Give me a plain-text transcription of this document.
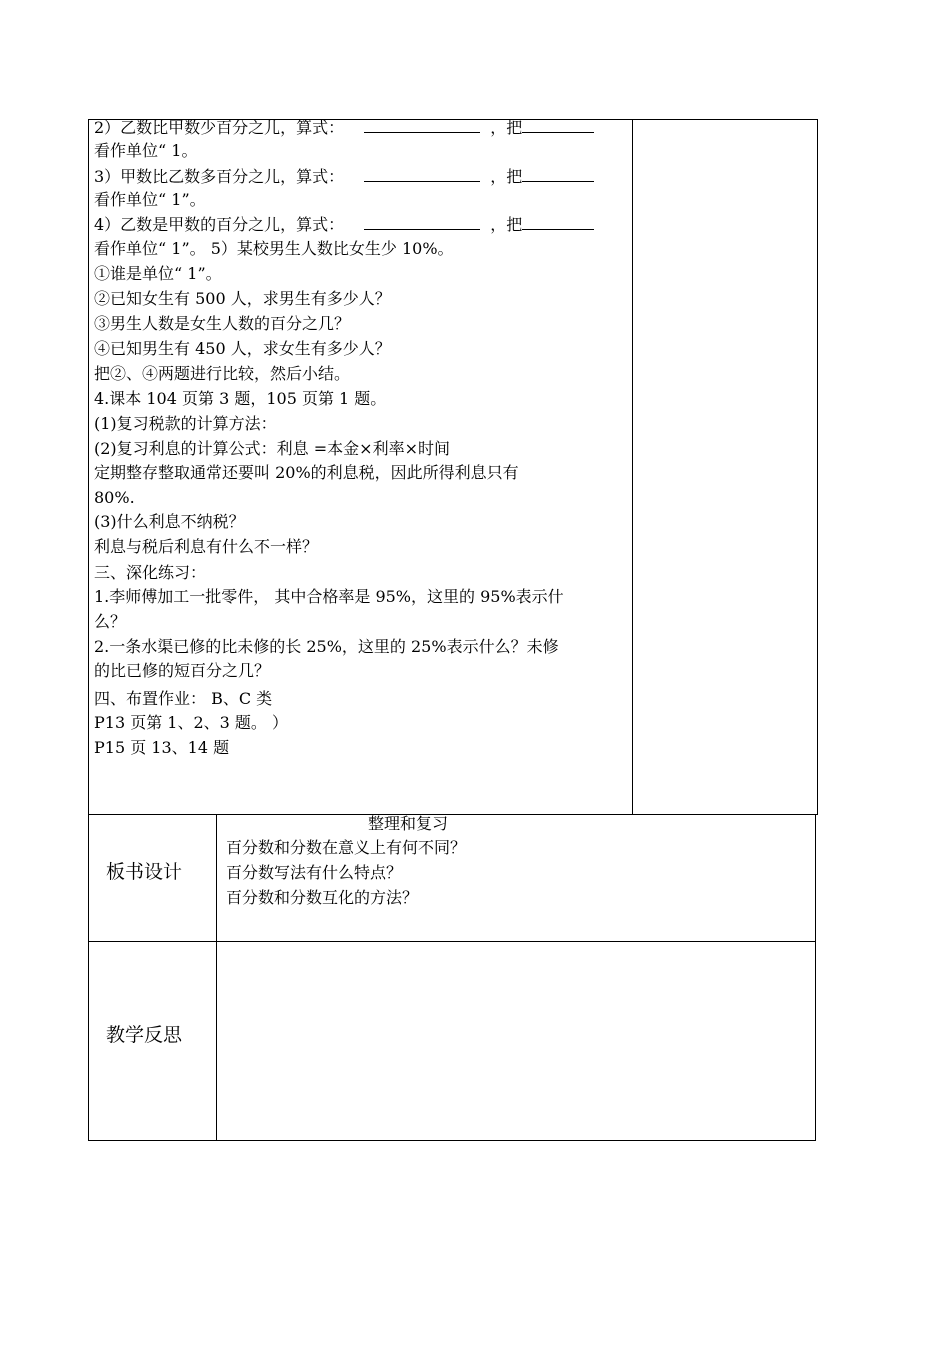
2）乙数比甲数少百分之儿，算式：	，把
看作单位“ 1。
3）甲数比乙数多百分之儿，算式：	，把
看作单位“ 1”。
4）乙数是甲数的百分之儿，算式：	，把
看作单位“ 1”。 5）某校男生人数比女生少 10%。
①谁是单位“ 1”。
②已知女生有 500 人，求男生有多少人？
③男生人数是女生人数的百分之几？
④已知男生有 450 人，求女生有多少人？
把②、④两题进行比较，然后小结。
4.课本 104 页第 3 题，105 页第 1 题。
(1)复习税款的计算方法：
(2)复习利息的计算公式：利息 =本金×利率×时间
定期整存整取通常还要叫 20%的利息税，因此所得利息只有
80%.
(3)什么利息不纳税？
利息与税后利息有什么不一样？
三、深化练习：
1.李师傅加工一批零件， 其中合格率是 95%，这里的 95%表示什
么？
2.一条水渠已修的比未修的长 25%，这里的 25%表示什么？未修
的比已修的短百分之几？
四、布置作业： B、C 类
P13 页第 1、2、3 题。 ）
P15 页 13、14 题
板书设计
整理和复习
百分数和分数在意义上有何不同？
百分数写法有什么特点？
百分数和分数互化的方法？
教学反思
